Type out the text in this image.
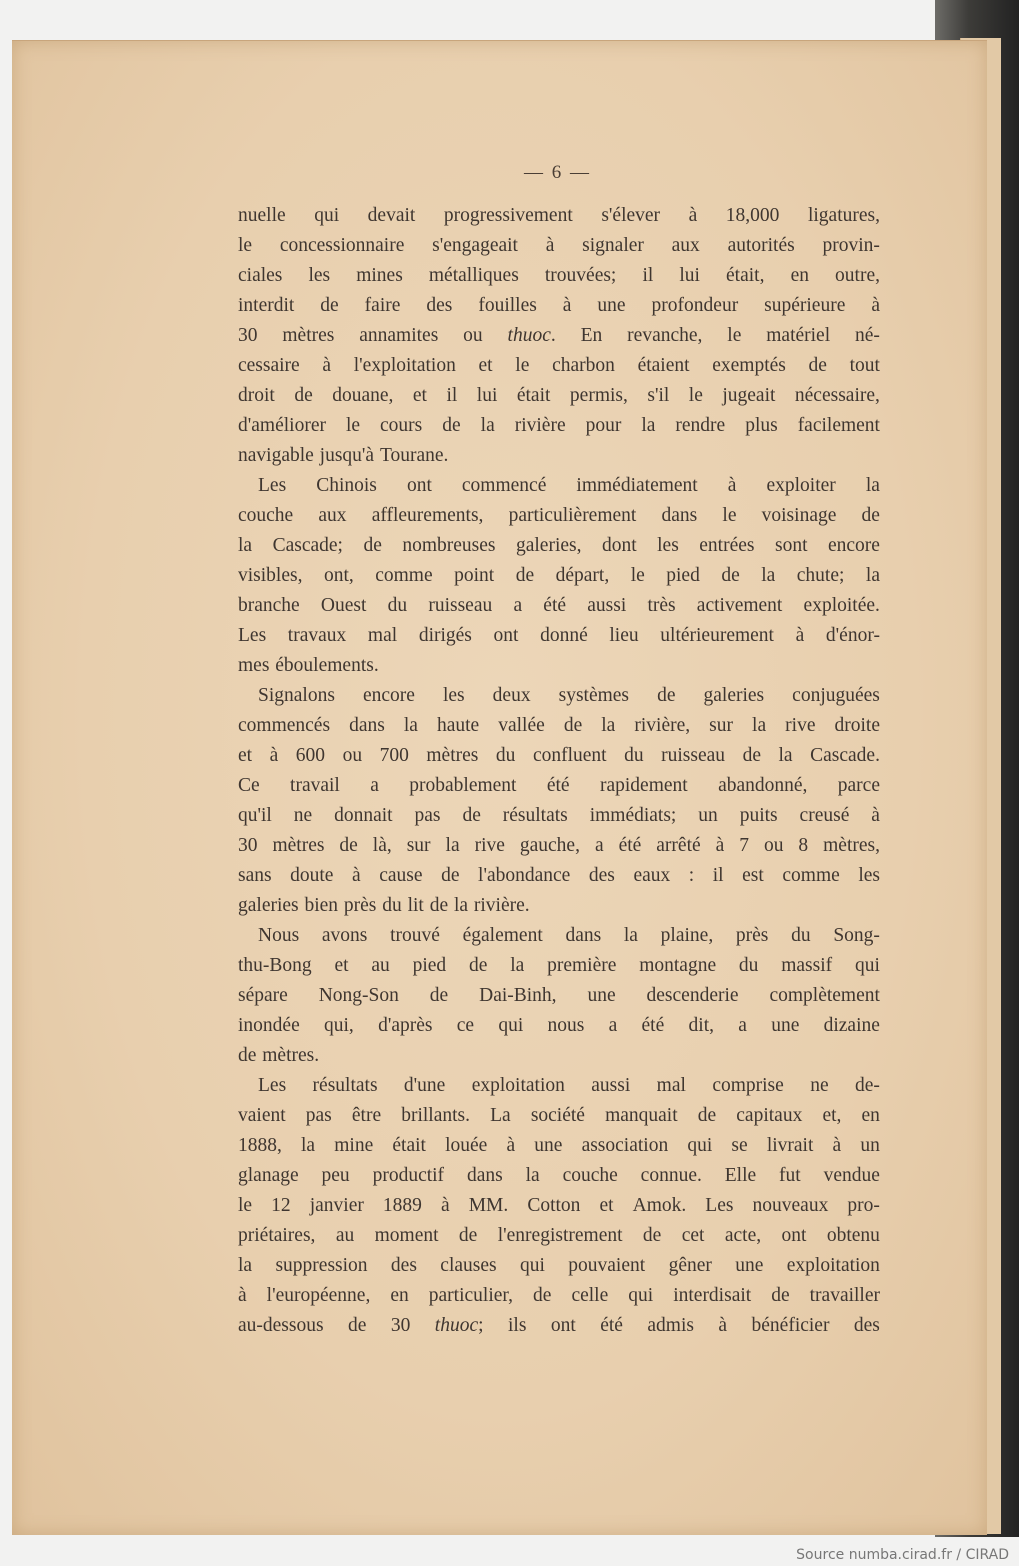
— 6 —
nuelle qui devait progressivement s'élever à 18,000 ligatures,
le concessionnaire s'engageait à signaler aux autorités provin-
ciales les mines métalliques trouvées; il lui était, en outre,
interdit de faire des fouilles à une profondeur supérieure à
30 mètres annamites ou thuoc. En revanche, le matériel né-
cessaire à l'exploitation et le charbon étaient exemptés de tout
droit de douane, et il lui était permis, s'il le jugeait nécessaire,
d'améliorer le cours de la rivière pour la rendre plus facilement
navigable jusqu'à Tourane.
Les Chinois ont commencé immédiatement à exploiter la
couche aux affleurements, particulièrement dans le voisinage de
la Cascade; de nombreuses galeries, dont les entrées sont encore
visibles, ont, comme point de départ, le pied de la chute; la
branche Ouest du ruisseau a été aussi très activement exploitée.
Les travaux mal dirigés ont donné lieu ultérieurement à d'énor-
mes éboulements.
Signalons encore les deux systèmes de galeries conjuguées
commencés dans la haute vallée de la rivière, sur la rive droite
et à 600 ou 700 mètres du confluent du ruisseau de la Cascade.
Ce travail a probablement été rapidement abandonné, parce
qu'il ne donnait pas de résultats immédiats; un puits creusé à
30 mètres de là, sur la rive gauche, a été arrêté à 7 ou 8 mètres,
sans doute à cause de l'abondance des eaux : il est comme les
galeries bien près du lit de la rivière.
Nous avons trouvé également dans la plaine, près du Song-
thu-Bong et au pied de la première montagne du massif qui
sépare Nong-Son de Dai-Binh, une descenderie complètement
inondée qui, d'après ce qui nous a été dit, a une dizaine
de mètres.
Les résultats d'une exploitation aussi mal comprise ne de-
vaient pas être brillants. La société manquait de capitaux et, en
1888, la mine était louée à une association qui se livrait à un
glanage peu productif dans la couche connue. Elle fut vendue
le 12 janvier 1889 à MM. Cotton et Amok. Les nouveaux pro-
priétaires, au moment de l'enregistrement de cet acte, ont obtenu
la suppression des clauses qui pouvaient gêner une exploitation
à l'européenne, en particulier, de celle qui interdisait de travailler
au-dessous de 30 thuoc; ils ont été admis à bénéficier des
Source numba.cirad.fr / CIRAD
